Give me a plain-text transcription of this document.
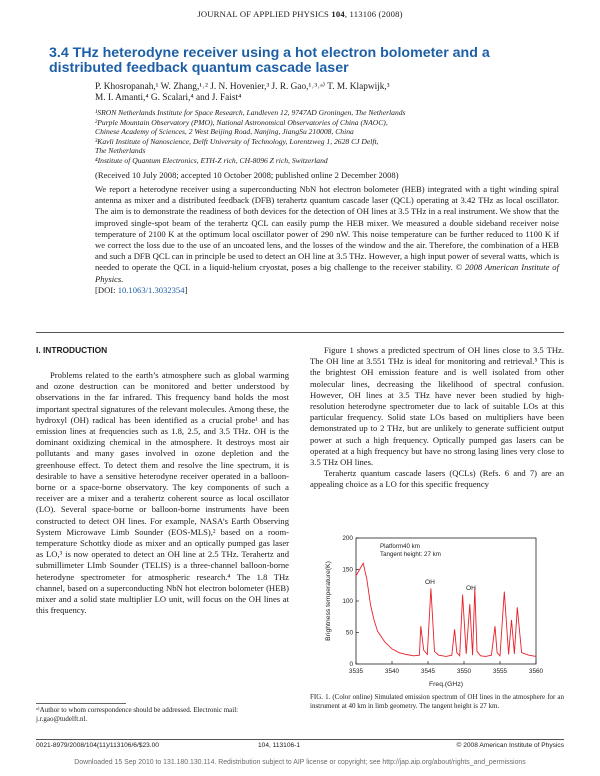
JOURNAL OF APPLIED PHYSICS 104, 113106 (2008)
3.4 THz heterodyne receiver using a hot electron bolometer and a distributed feedback quantum cascade laser
P. Khosropanah,¹ W. Zhang,¹˒² J. N. Hovenier,³ J. R. Gao,¹˒³˒ᵃ⁾ T. M. Klapwijk,³
M. I. Amanti,⁴ G. Scalari,⁴ and J. Faist⁴
¹SRON Netherlands Institute for Space Research, Landleven 12, 9747AD Groningen, The Netherlands
²Purple Mountain Observatory (PMO), National Astronomical Observatories of China (NAOC),
Chinese Academy of Sciences, 2 West Beijing Road, Nanjing, JiangSu 210008, China
³Kavli Institute of Nanoscience, Delft University of Technology, Lorentzweg 1, 2628 CJ Delft,
The Netherlands
⁴Institute of Quantum Electronics, ETH-Z rich, CH-8096 Z rich, Switzerland
(Received 10 July 2008; accepted 10 October 2008; published online 2 December 2008)
We report a heterodyne receiver using a superconducting NbN hot electron bolometer (HEB) integrated with a tight winding spiral antenna as mixer and a distributed feedback (DFB) terahertz quantum cascade laser (QCL) operating at 3.42 THz as local oscillator. The aim is to demonstrate the readiness of both devices for the detection of OH lines at 3.5 THz in a real instrument. We show that the improved single-spot beam of the terahertz QCL can easily pump the HEB mixer. We measured a double sideband receiver noise temperature of 2100 K at the optimum local oscillator power of 290 nW. This noise temperature can be further reduced to 1100 K if we correct the loss due to the use of an uncoated lens, and the losses of the window and the air. Therefore, the combination of a HEB and such a DFB QCL can in principle be used to detect an OH line at 3.5 THz. However, a high input power of several watts, which is needed to operate the QCL in a liquid-helium cryostat, poses a big challenge to the receiver stability. © 2008 American Institute of Physics.
[DOI: 10.1063/1.3032354]
I. INTRODUCTION

Problems related to the earth’s atmosphere such as global warming and ozone destruction can be monitored and better understood by observations in the far infrared. This frequency band holds the most important spectral signatures of the relevant molecules. Among these, the hydroxyl (OH) radical has been identified as a crucial probe¹ and has emission lines at frequencies such as 1.8, 2.5, and 3.5 THz. OH is the dominant oxidizing chemical in the atmosphere. It destroys most air pollutants and many gases involved in ozone depletion and the greenhouse effect. To detect them and resolve the line spectrum, it is desirable to have a sensitive heterodyne receiver operated in a balloon-borne or a space-borne observatory. The key components of such a receiver are a mixer and a terahertz coherent source as local oscillator (LO). Several space-borne or balloon-borne instruments have been constructed to detect OH lines. For example, NASA’s Earth Observing System Microwave Limb Sounder (EOS-MLS),² based on a room-temperature Schottky diode as mixer and an optically pumped gas laser as LO,³ is now operated to detect an OH line at 2.5 THz. Terahertz and submillimeter LImb Sounder (TELIS) is a three-channel balloon-borne heterodyne spectrometer for atmospheric research.⁴ The 1.8 THz channel, based on a superconducting NbN hot electron bolometer (HEB) mixer and a solid state multiplier LO unit, will focus on the OH lines at this frequency.

Figure 1 shows a predicted spectrum of OH lines close to 3.5 THz. The OH line at 3.551 THz is ideal for monitoring and retrieval.⁵ This is the brightest OH emission feature and is well isolated from other molecular lines, decreasing the likelihood of spectral confusion. However, OH lines at 3.5 THz have never been studied by high-resolution heterodyne spectrometer due to lack of suitable LOs at this particular frequency. Solid state LOs based on multipliers have been demonstrated up to 2 THz, but are unlikely to generate sufficient output power at such a high frequency. Optically pumped gas lasers can be operated at a high frequency but have no strong lasing lines very close to 3.5 THz OH lines.

Terahertz quantum cascade lasers (QCLs) (Refs. 6 and 7) are an appealing choice as a LO for this specific frequency

0
50
100
150
200
3535	3540	3545	3550	3555	3560
Platform40 km
Tangent height: 27 km
OH
OH
Freq.(GHz)
Brightness temperature(K)
FIG. 1. (Color online) Simulated emission spectrum of OH lines in the atmosphere for an instrument at 40 km in limb geometry. The tangent height is 27 km.
ᵃ⁾Author to whom correspondence should be addressed. Electronic mail: j.r.gao@tudelft.nl.
0021-8979/2008/104(11)/113106/6/$23.00	104, 113106-1	© 2008 American Institute of Physics
Downloaded 15 Sep 2010 to 131.180.130.114. Redistribution subject to AIP license or copyright; see http://jap.aip.org/about/rights_and_permissions
